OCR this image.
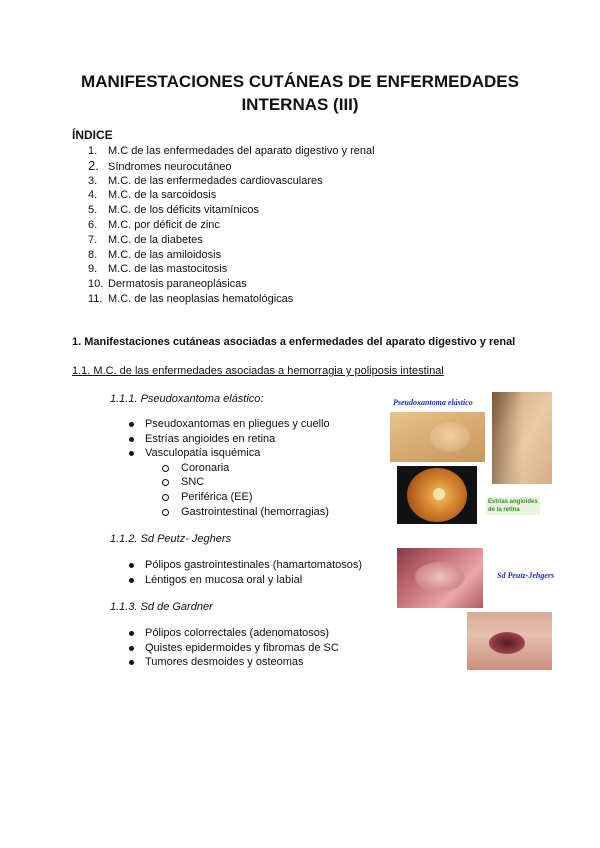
MANIFESTACIONES CUTÁNEAS DE ENFERMEDADES
INTERNAS (III)
ÍNDICE
1. M.C de las enfermedades del aparato digestivo y renal
2. Síndromes neurocutáneo
3. M.C. de las enfermedades cardiovasculares
4. M.C. de la sarcoidosis
5. M.C. de los déficits vitamínicos
6. M.C. por déficit de zinc
7. M.C. de la diabetes
8. M.C. de las amiloidosis
9. M.C. de las mastocitosis
10. Dermatosis paraneoplásicas
11. M.C. de las neoplasias hematológicas
1. Manifestaciones cutáneas asociadas a enfermedades del aparato digestivo y renal
1.1. M.C. de las enfermedades asociadas a hemorragia y poliposis intestinal
1.1.1. Pseudoxantoma elástico:
Pseudoxantomas en pliegues y cuello
Estrías angioides en retina
Vasculopatía isquémica
Coronaria
SNC
Periférica (EE)
Gastrointestinal (hemorragias)
1.1.2. Sd Peutz- Jeghers
Pólipos gastrointestinales (hamartomatosos)
Léntigos en mucosa oral y labial
1.1.3. Sd de Gardner
Pólipos colorrectales (adenomatosos)
Quistes epidermoides y fibromas de SC
Tumores desmoides y osteomas
Pseudoxantoma elástico
Estrías angioides
de la retina
Sd Peutz-Jehgers
